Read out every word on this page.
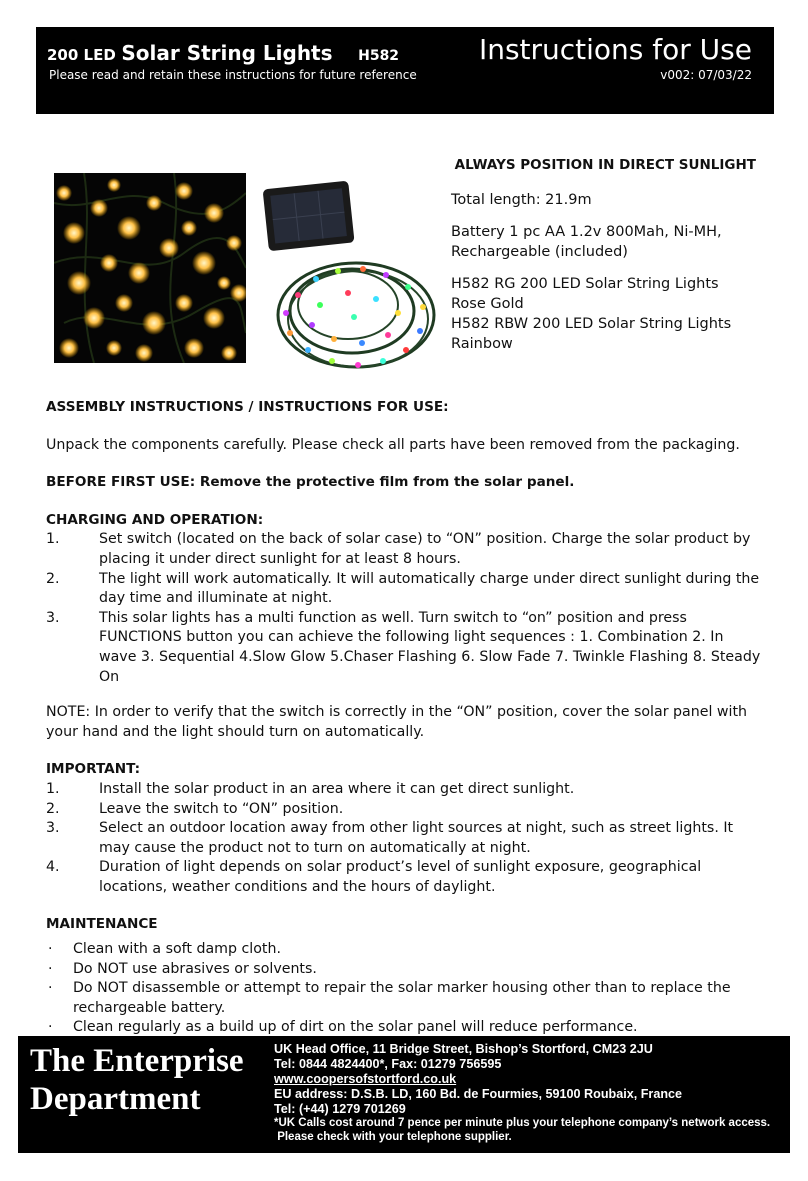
200 LED Solar String Lights H582
Please read and retain these instructions for future reference
Instructions for Use
v002: 07/03/22
ALWAYS POSITION IN DIRECT SUNLIGHT

Total length: 21.9m

Battery 1 pc AA 1.2v 800Mah, Ni-MH, Rechargeable (included)

H582 RG 200 LED Solar String Lights Rose Gold

H582 RBW 200 LED Solar String Lights Rainbow

ASSEMBLY INSTRUCTIONS / INSTRUCTIONS FOR USE:

Unpack the components carefully. Please check all parts have been removed from the packaging.

BEFORE FIRST USE: Remove the protective film from the solar panel.
CHARGING AND OPERATION:
1.	Set switch (located on the back of solar case) to “ON” position. Charge the solar product by placing it under direct sunlight for at least 8 hours.
2.	The light will work automatically. It will automatically charge under direct sunlight during the day time and illuminate at night.
3.	This solar lights has a multi function as well. Turn switch to “on” position and press FUNCTIONS button you can achieve the following light sequences : 1. Combination 2. In wave 3. Sequential 4.Slow Glow 5.Chaser Flashing 6. Slow Fade 7. Twinkle Flashing 8. Steady On

NOTE: In order to verify that the switch is correctly in the “ON” position, cover the solar panel with your hand and the light should turn on automatically.

IMPORTANT:
1.	Install the solar product in an area where it can get direct sunlight.
2.	Leave the switch to “ON” position.
3.	Select an outdoor location away from other light sources at night, such as street lights. It may cause the product not to turn on automatically at night.
4.	Duration of light depends on solar product’s level of sunlight exposure, geographical locations, weather conditions and the hours of daylight.
MAINTENANCE
·	Clean with a soft damp cloth.
·	Do NOT use abrasives or solvents.
·	Do NOT disassemble or attempt to repair the solar marker housing other than to replace the rechargeable battery.
·	Clean regularly as a build up of dirt on the solar panel will reduce performance.
The Enterprise
Department
UK Head Office, 11 Bridge Street, Bishop’s Stortford, CM23 2JU
Tel: 0844 4824400*, Fax: 01279 756595
www.coopersofstortford.co.uk
EU address: D.S.B. LD, 160 Bd. de Fourmies, 59100 Roubaix, France
Tel: (+44) 1279 701269
*UK Calls cost around 7 pence per minute plus your telephone company’s network access.
Please check with your telephone supplier.
